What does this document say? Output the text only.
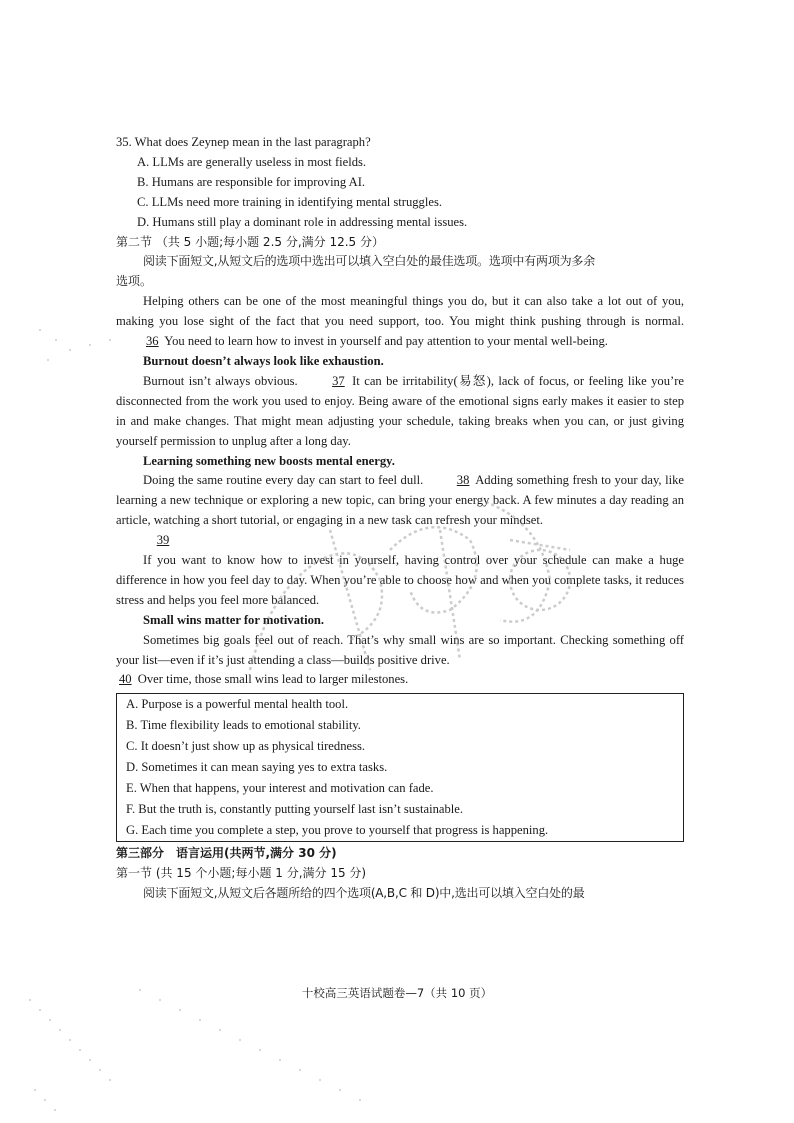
35. What does Zeynep mean in the last paragraph?
A. LLMs are generally useless in most fields.
B. Humans are responsible for improving AI.
C. LLMs need more training in identifying mental struggles.
D. Humans still play a dominant role in addressing mental issues.
第二节 （共 5 小题;每小题 2.5 分,满分 12.5 分）
阅读下面短文,从短文后的选项中选出可以填入空白处的最佳选项。选项中有两项为多余
选项。
Helping others can be one of the most meaningful things you do, but it can also take a lot out of you, making you lose sight of the fact that you need support, too. You might think pushing through is normal. 36 You need to learn how to invest in yourself and pay attention to your mental well-being.
Burnout doesn’t always look like exhaustion.
Burnout isn’t always obvious. 37 It can be irritability(易怒), lack of focus, or feeling like you’re disconnected from the work you used to enjoy. Being aware of the emotional signs early makes it easier to step in and make changes. That might mean adjusting your schedule, taking breaks when you can, or just giving yourself permission to unplug after a long day.
Learning something new boosts mental energy.
Doing the same routine every day can start to feel dull. 38 Adding something fresh to your day, like learning a new technique or exploring a new topic, can bring your energy back. A few minutes a day reading an article, watching a short tutorial, or engaging in a new task can refresh your mindset.
39
If you want to know how to invest in yourself, having control over your schedule can make a huge difference in how you feel day to day. When you’re able to choose how and when you complete tasks, it reduces stress and helps you feel more balanced.
Small wins matter for motivation.
Sometimes big goals feel out of reach. That’s why small wins are so important. Checking something off your list—even if it’s just attending a class—builds positive drive.
40 Over time, those small wins lead to larger milestones.
A. Purpose is a powerful mental health tool.
B. Time flexibility leads to emotional stability.
C. It doesn’t just show up as physical tiredness.
D. Sometimes it can mean saying yes to extra tasks.
E. When that happens, your interest and motivation can fade.
F. But the truth is, constantly putting yourself last isn’t sustainable.
G. Each time you complete a step, you prove to yourself that progress is happening.
第三部分　语言运用(共两节,满分 30 分)
第一节 (共 15 个小题;每小题 1 分,满分 15 分)
阅读下面短文,从短文后各题所给的四个选项(A,B,C 和 D)中,选出可以填入空白处的最
十校高三英语试题卷—7（共 10 页）
